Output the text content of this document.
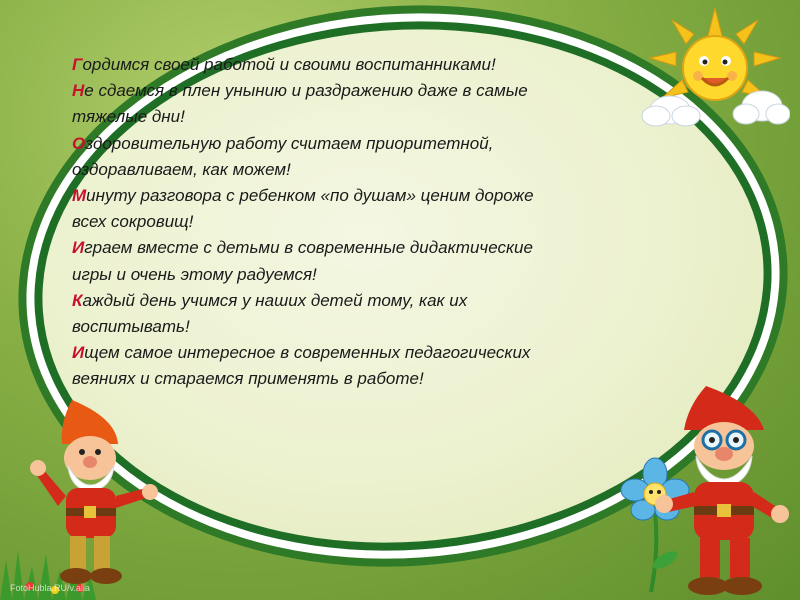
Гордимся своей работой и своими воспитанниками!

Не сдаемся в плен унынию и раздражению даже в самые

тяжелые дни!

Оздоровительную работу считаем приоритетной,

оздоравливаем, как можем!

Минуту разговора с ребенком «по душам» ценим дороже

всех сокровищ!

Играем вместе с детьми в современные дидактические

игры и очень этому радуемся!

Каждый день учимся у наших детей тому, как их

воспитывать!

Ищем самое интересное в современных педагогических

веяниях и стараемся применять в работе!

FotoHubla.RU/v.alia
